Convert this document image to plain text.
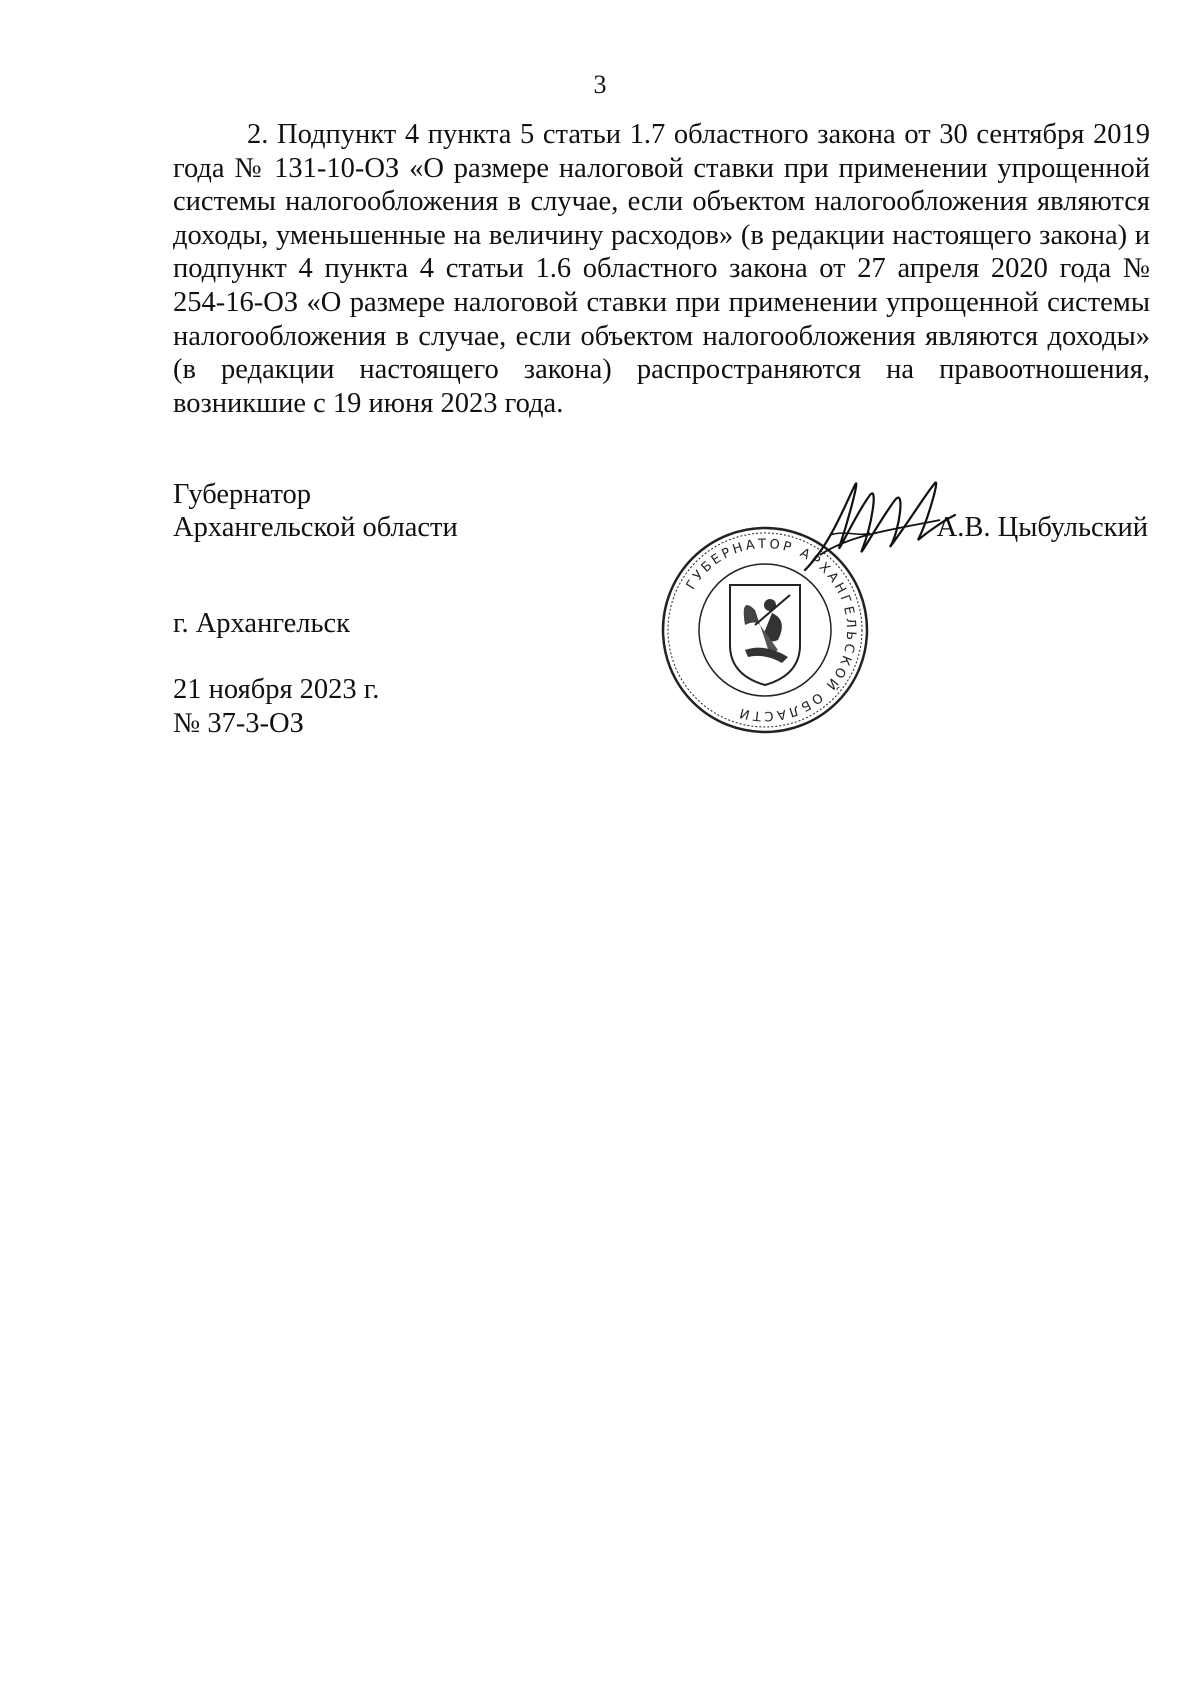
3

2. Подпункт 4 пункта 5 статьи 1.7 областного закона от 30 сентября 2019 года № 131-10-ОЗ «О размере налоговой ставки при применении упрощенной системы налогообложения в случае, если объектом налогообложения являются доходы, уменьшенные на величину расходов» (в редакции настоящего закона) и подпункт 4 пункта 4 статьи 1.6 областного закона от 27 апреля 2020 года № 254-16-ОЗ «О размере налоговой ставки при применении упрощенной системы налогообложения в случае, если объектом налогообложения являются доходы» (в редакции настоящего закона) распространяются на правоотношения, возникшие с 19 июня 2023 года.

Губернатор
Архангельской области
ГУБЕРНАТОР АРХАНГЕЛЬСКОЙ ОБЛАСТИ
А.В. Цыбульский
г. Архангельск
21 ноября 2023 г.
№ 37-3-ОЗ
